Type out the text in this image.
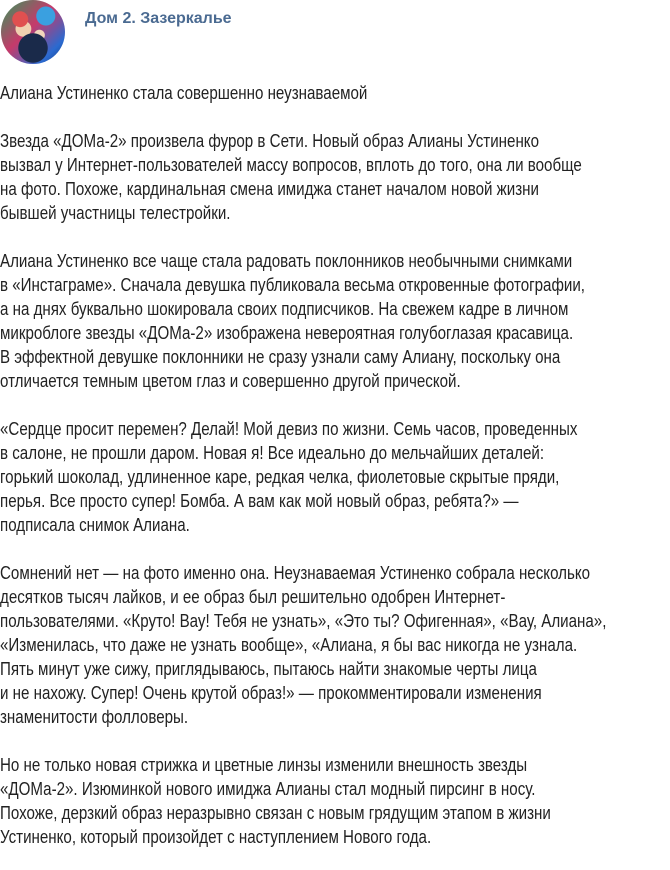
Дом 2. Зазеркалье
Алиана Устиненко стала совершенно неузнаваемой
Звезда «ДОМа-2» произвела фурор в Сети. Новый образ Алианы Устиненко
вызвал у Интернет-пользователей массу вопросов, вплоть до того, она ли вообще
на фото. Похоже, кардинальная смена имиджа станет началом новой жизни
бывшей участницы телестройки.
Алиана Устиненко все чаще стала радовать поклонников необычными снимками
в «Инстаграме». Сначала девушка публиковала весьма откровенные фотографии,
а на днях буквально шокировала своих подписчиков. На свежем кадре в личном
микроблоге звезды «ДОМа-2» изображена невероятная голубоглазая красавица.
В эффектной девушке поклонники не сразу узнали саму Алиану, поскольку она
отличается темным цветом глаз и совершенно другой прической.
«Сердце просит перемен? Делай! Мой девиз по жизни. Семь часов, проведенных
в салоне, не прошли даром. Новая я! Все идеально до мельчайших деталей:
горький шоколад, удлиненное каре, редкая челка, фиолетовые скрытые пряди,
перья. Все просто супер! Бомба. А вам как мой новый образ, ребята?» —
подписала снимок Алиана.
Сомнений нет — на фото именно она. Неузнаваемая Устиненко собрала несколько
десятков тысяч лайков, и ее образ был решительно одобрен Интернет-
пользователями. «Круто! Вау! Тебя не узнать», «Это ты? Офигенная», «Вау, Алиана»,
«Изменилась, что даже не узнать вообще», «Алиана, я бы вас никогда не узнала.
Пять минут уже сижу, приглядываюсь, пытаюсь найти знакомые черты лица
и не нахожу. Супер! Очень крутой образ!» — прокомментировали изменения
знаменитости фолловеры.
Но не только новая стрижка и цветные линзы изменили внешность звезды
«ДОМа-2». Изюминкой нового имиджа Алианы стал модный пирсинг в носу.
Похоже, дерзкий образ неразрывно связан с новым грядущим этапом в жизни
Устиненко, который произойдет с наступлением Нового года.
